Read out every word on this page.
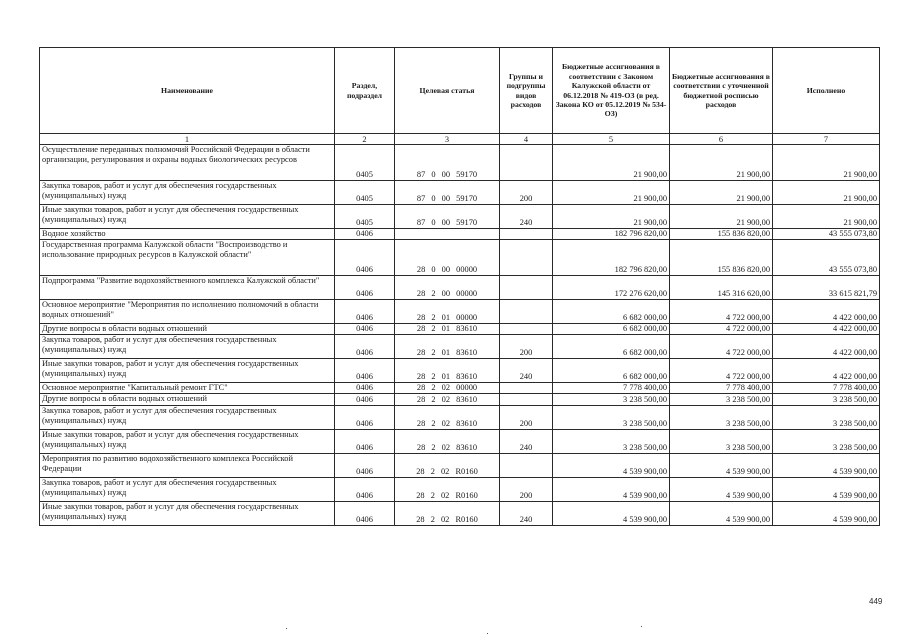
Наименование	Раздел, подраздел	Целевая статья	Группы и подгруппы видов расходов	Бюджетные ассигнования в соответствии с Законом Калужской области от 06.12.2018 № 419-ОЗ (в ред. Закона КО от 05.12.2019 № 534-ОЗ)	Бюджетные ассигнования в соответствии с уточненной бюджетной росписью расходов	Исполнено
1	2	3	4	5	6	7
Осуществление переданных полномочий Российской Федерации в области организации, регулирования и охраны водных биологических ресурсов	0405	87 0 00 59170		21 900,00	21 900,00	21 900,00
Закупка товаров, работ и услуг для обеспечения государственных (муниципальных) нужд	0405	87 0 00 59170	200	21 900,00	21 900,00	21 900,00
Иные закупки товаров, работ и услуг для обеспечения государственных (муниципальных) нужд	0405	87 0 00 59170	240	21 900,00	21 900,00	21 900,00
Водное хозяйство	0406			182 796 820,00	155 836 820,00	43 555 073,80
Государственная программа Калужской области "Воспроизводство и использование природных ресурсов в Калужской области"	0406	28 0 00 00000		182 796 820,00	155 836 820,00	43 555 073,80
Подпрограмма "Развитие водохозяйственного комплекса Калужской области"	0406	28 2 00 00000		172 276 620,00	145 316 620,00	33 615 821,79
Основное мероприятие "Мероприятия по исполнению полномочий в области водных отношений"	0406	28 2 01 00000		6 682 000,00	4 722 000,00	4 422 000,00
Другие вопросы в области водных отношений	0406	28 2 01 83610		6 682 000,00	4 722 000,00	4 422 000,00
Закупка товаров, работ и услуг для обеспечения государственных (муниципальных) нужд	0406	28 2 01 83610	200	6 682 000,00	4 722 000,00	4 422 000,00
Иные закупки товаров, работ и услуг для обеспечения государственных (муниципальных) нужд	0406	28 2 01 83610	240	6 682 000,00	4 722 000,00	4 422 000,00
Основное мероприятие "Капитальный ремонт ГТС"	0406	28 2 02 00000		7 778 400,00	7 778 400,00	7 778 400,00
Другие вопросы в области водных отношений	0406	28 2 02 83610		3 238 500,00	3 238 500,00	3 238 500,00
Закупка товаров, работ и услуг для обеспечения государственных (муниципальных) нужд	0406	28 2 02 83610	200	3 238 500,00	3 238 500,00	3 238 500,00
Иные закупки товаров, работ и услуг для обеспечения государственных (муниципальных) нужд	0406	28 2 02 83610	240	3 238 500,00	3 238 500,00	3 238 500,00
Мероприятия по развитию водохозяйственного комплекса Российской Федерации	0406	28 2 02 R0160		4 539 900,00	4 539 900,00	4 539 900,00
Закупка товаров, работ и услуг для обеспечения государственных (муниципальных) нужд	0406	28 2 02 R0160	200	4 539 900,00	4 539 900,00	4 539 900,00
Иные закупки товаров, работ и услуг для обеспечения государственных (муниципальных) нужд	0406	28 2 02 R0160	240	4 539 900,00	4 539 900,00	4 539 900,00
449
